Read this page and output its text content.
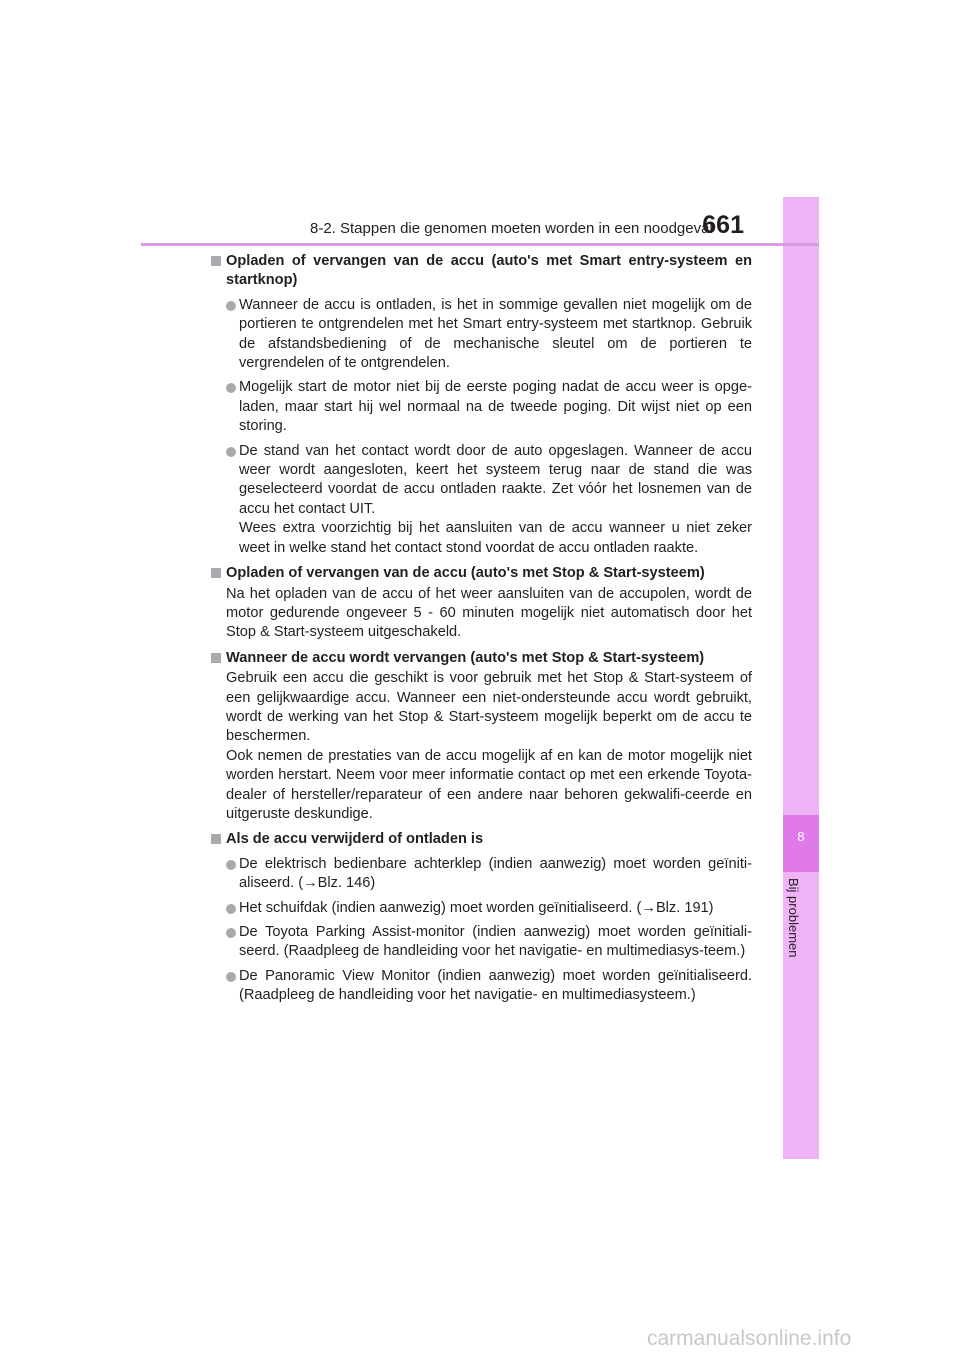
8
Bij problemen
8-2. Stappen die genomen moeten worden in een noodgeval
661
Opladen of vervangen van de accu (auto's met Smart entry-systeem en startknop)
Wanneer de accu is ontladen, is het in sommige gevallen niet mogelijk om de portieren te ontgrendelen met het Smart entry-systeem met startknop. Gebruik de afstandsbediening of de mechanische sleutel om de portieren te vergrendelen of te ontgrendelen.
Mogelijk start de motor niet bij de eerste poging nadat de accu weer is opge-laden, maar start hij wel normaal na de tweede poging. Dit wijst niet op een storing.
De stand van het contact wordt door de auto opgeslagen. Wanneer de accu weer wordt aangesloten, keert het systeem terug naar de stand die was geselecteerd voordat de accu ontladen raakte. Zet vóór het losnemen van de accu het contact UIT.
Wees extra voorzichtig bij het aansluiten van de accu wanneer u niet zeker weet in welke stand het contact stond voordat de accu ontladen raakte.
Opladen of vervangen van de accu (auto's met Stop & Start-systeem)
Na het opladen van de accu of het weer aansluiten van de accupolen, wordt de motor gedurende ongeveer 5 - 60 minuten mogelijk niet automatisch door het Stop & Start-systeem uitgeschakeld.
Wanneer de accu wordt vervangen (auto's met Stop & Start-systeem)
Gebruik een accu die geschikt is voor gebruik met het Stop & Start-systeem of een gelijkwaardige accu. Wanneer een niet-ondersteunde accu wordt gebruikt, wordt de werking van het Stop & Start-systeem mogelijk beperkt om de accu te beschermen.
Ook nemen de prestaties van de accu mogelijk af en kan de motor mogelijk niet worden herstart. Neem voor meer informatie contact op met een erkende Toyota-dealer of hersteller/reparateur of een andere naar behoren gekwalifi-ceerde en uitgeruste deskundige.
Als de accu verwijderd of ontladen is
De elektrisch bedienbare achterklep (indien aanwezig) moet worden geïniti-aliseerd. (→Blz. 146)
Het schuifdak (indien aanwezig) moet worden geïnitialiseerd. (→Blz. 191)
De Toyota Parking Assist-monitor (indien aanwezig) moet worden geïnitiali-seerd. (Raadpleeg de handleiding voor het navigatie- en multimediasys-teem.)
De Panoramic View Monitor (indien aanwezig) moet worden geïnitialiseerd. (Raadpleeg de handleiding voor het navigatie- en multimediasysteem.)
carmanualsonline.info
